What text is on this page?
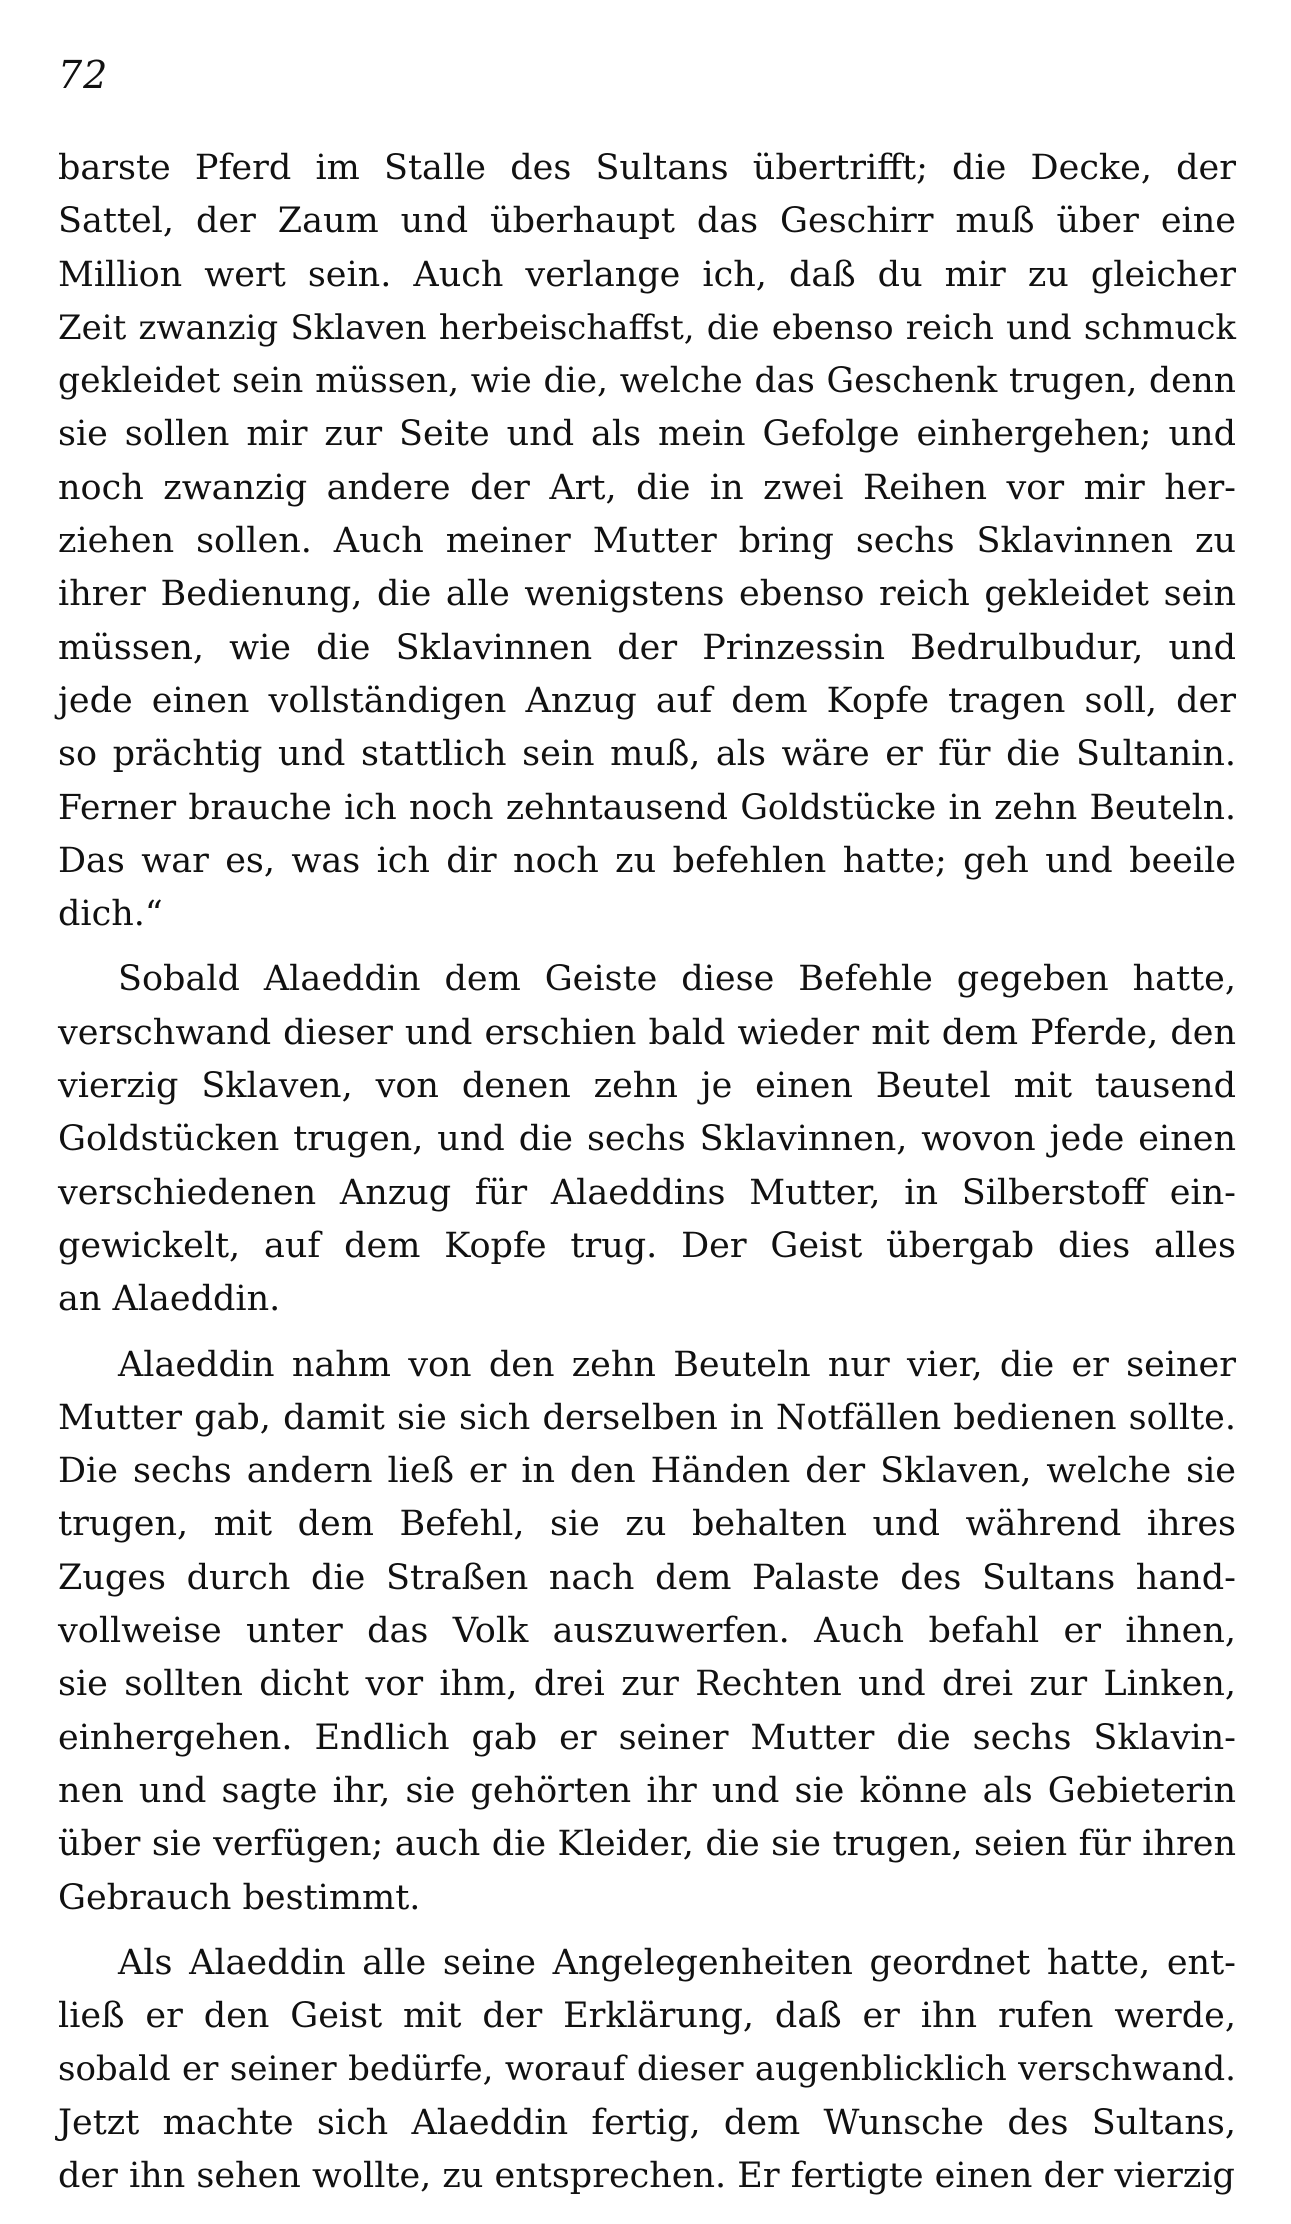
72
barste Pferd im Stalle des Sultans übertrifft; die Decke, der
Sattel, der Zaum und überhaupt das Geschirr muß über eine
Million wert sein. Auch verlange ich, daß du mir zu gleicher
Zeit zwanzig Sklaven herbeischaffst, die ebenso reich und schmuck
gekleidet sein müssen, wie die, welche das Geschenk trugen, denn
sie sollen mir zur Seite und als mein Gefolge einhergehen; und
noch zwanzig andere der Art, die in zwei Reihen vor mir her-
ziehen sollen. Auch meiner Mutter bring sechs Sklavinnen zu
ihrer Bedienung, die alle wenigstens ebenso reich gekleidet sein
müssen, wie die Sklavinnen der Prinzessin Bedrulbudur, und
jede einen vollständigen Anzug auf dem Kopfe tragen soll, der
so prächtig und stattlich sein muß, als wäre er für die Sultanin.
Ferner brauche ich noch zehntausend Goldstücke in zehn Beuteln.
Das war es, was ich dir noch zu befehlen hatte; geh und beeile
dich.“
Sobald Alaeddin dem Geiste diese Befehle gegeben hatte,
verschwand dieser und erschien bald wieder mit dem Pferde, den
vierzig Sklaven, von denen zehn je einen Beutel mit tausend
Goldstücken trugen, und die sechs Sklavinnen, wovon jede einen
verschiedenen Anzug für Alaeddins Mutter, in Silberstoff ein-
gewickelt, auf dem Kopfe trug. Der Geist übergab dies alles
an Alaeddin.
Alaeddin nahm von den zehn Beuteln nur vier, die er seiner
Mutter gab, damit sie sich derselben in Notfällen bedienen sollte.
Die sechs andern ließ er in den Händen der Sklaven, welche sie
trugen, mit dem Befehl, sie zu behalten und während ihres
Zuges durch die Straßen nach dem Palaste des Sultans hand-
vollweise unter das Volk auszuwerfen. Auch befahl er ihnen,
sie sollten dicht vor ihm, drei zur Rechten und drei zur Linken,
einhergehen. Endlich gab er seiner Mutter die sechs Sklavin-
nen und sagte ihr, sie gehörten ihr und sie könne als Gebieterin
über sie verfügen; auch die Kleider, die sie trugen, seien für ihren
Gebrauch bestimmt.
Als Alaeddin alle seine Angelegenheiten geordnet hatte, ent-
ließ er den Geist mit der Erklärung, daß er ihn rufen werde,
sobald er seiner bedürfe, worauf dieser augenblicklich verschwand.
Jetzt machte sich Alaeddin fertig, dem Wunsche des Sultans,
der ihn sehen wollte, zu entsprechen. Er fertigte einen der vierzig
